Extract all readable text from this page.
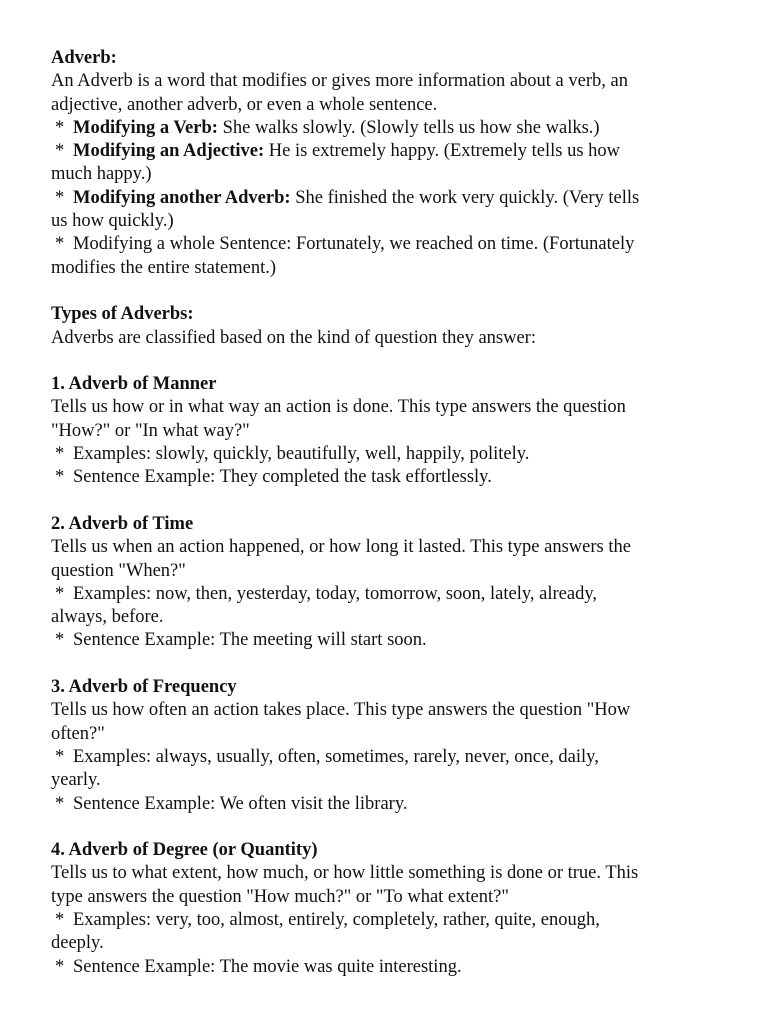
Adverb:
An Adverb is a word that modifies or gives more information about a verb, an
adjective, another adverb, or even a whole sentence.
* Modifying a Verb: She walks slowly. (Slowly tells us how she walks.)
* Modifying an Adjective: He is extremely happy. (Extremely tells us how
much happy.)
* Modifying another Adverb: She finished the work very quickly. (Very tells
us how quickly.)
* Modifying a whole Sentence: Fortunately, we reached on time. (Fortunately
modifies the entire statement.)
Types of Adverbs:
Adverbs are classified based on the kind of question they answer:
1. Adverb of Manner
Tells us how or in what way an action is done. This type answers the question
"How?" or "In what way?"
* Examples: slowly, quickly, beautifully, well, happily, politely.
* Sentence Example: They completed the task effortlessly.
2. Adverb of Time
Tells us when an action happened, or how long it lasted. This type answers the
question "When?"
* Examples: now, then, yesterday, today, tomorrow, soon, lately, already,
always, before.
* Sentence Example: The meeting will start soon.
3. Adverb of Frequency
Tells us how often an action takes place. This type answers the question "How
often?"
* Examples: always, usually, often, sometimes, rarely, never, once, daily,
yearly.
* Sentence Example: We often visit the library.
4. Adverb of Degree (or Quantity)
Tells us to what extent, how much, or how little something is done or true. This
type answers the question "How much?" or "To what extent?"
* Examples: very, too, almost, entirely, completely, rather, quite, enough,
deeply.
* Sentence Example: The movie was quite interesting.
